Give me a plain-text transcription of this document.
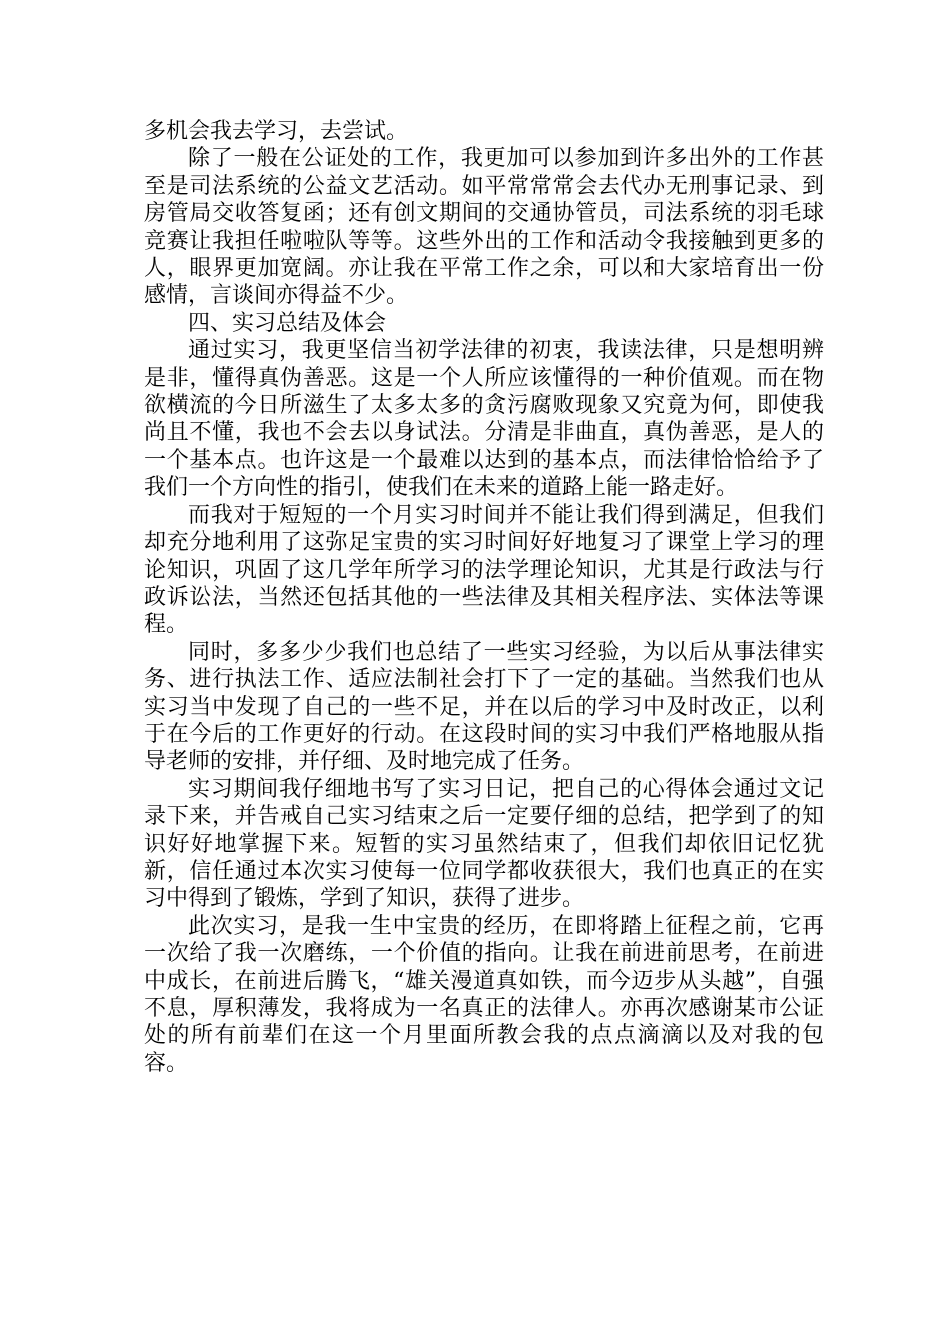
多机会我去学习，去尝试。

除了一般在公证处的工作，我更加可以参加到许多出外的工作甚至是司法系统的公益文艺活动。如平常常常会去代办无刑事记录、到房管局交收答复函；还有创文期间的交通协管员，司法系统的羽毛球竞赛让我担任啦啦队等等。这些外出的工作和活动令我接触到更多的人，眼界更加宽阔。亦让我在平常工作之余，可以和大家培育出一份感情，言谈间亦得益不少。

四、实习总结及体会

通过实习，我更坚信当初学法律的初衷，我读法律，只是想明辨是非，懂得真伪善恶。这是一个人所应该懂得的一种价值观。而在物欲横流的今日所滋生了太多太多的贪污腐败现象又究竟为何，即使我尚且不懂，我也不会去以身试法。分清是非曲直，真伪善恶，是人的一个基本点。也许这是一个最难以达到的基本点，而法律恰恰给予了我们一个方向性的指引，使我们在未来的道路上能一路走好。

而我对于短短的一个月实习时间并不能让我们得到满足，但我们却充分地利用了这弥足宝贵的实习时间好好地复习了课堂上学习的理论知识，巩固了这几学年所学习的法学理论知识，尤其是行政法与行政诉讼法，当然还包括其他的一些法律及其相关程序法、实体法等课程。

同时，多多少少我们也总结了一些实习经验，为以后从事法律实务、进行执法工作、适应法制社会打下了一定的基础。当然我们也从实习当中发现了自己的一些不足，并在以后的学习中及时改正，以利于在今后的工作更好的行动。在这段时间的实习中我们严格地服从指导老师的安排，并仔细、及时地完成了任务。

实习期间我仔细地书写了实习日记，把自己的心得体会通过文记录下来，并告戒自己实习结束之后一定要仔细的总结，把学到了的知识好好地掌握下来。短暂的实习虽然结束了，但我们却依旧记忆犹新，信任通过本次实习使每一位同学都收获很大，我们也真正的在实习中得到了锻炼，学到了知识，获得了进步。

此次实习，是我一生中宝贵的经历，在即将踏上征程之前，它再一次给了我一次磨练，一个价值的指向。让我在前进前思考，在前进中成长，在前进后腾飞，“雄关漫道真如铁，而今迈步从头越”，自强不息，厚积薄发，我将成为一名真正的法律人。亦再次感谢某市公证处的所有前辈们在这一个月里面所教会我的点点滴滴以及对我的包容。
